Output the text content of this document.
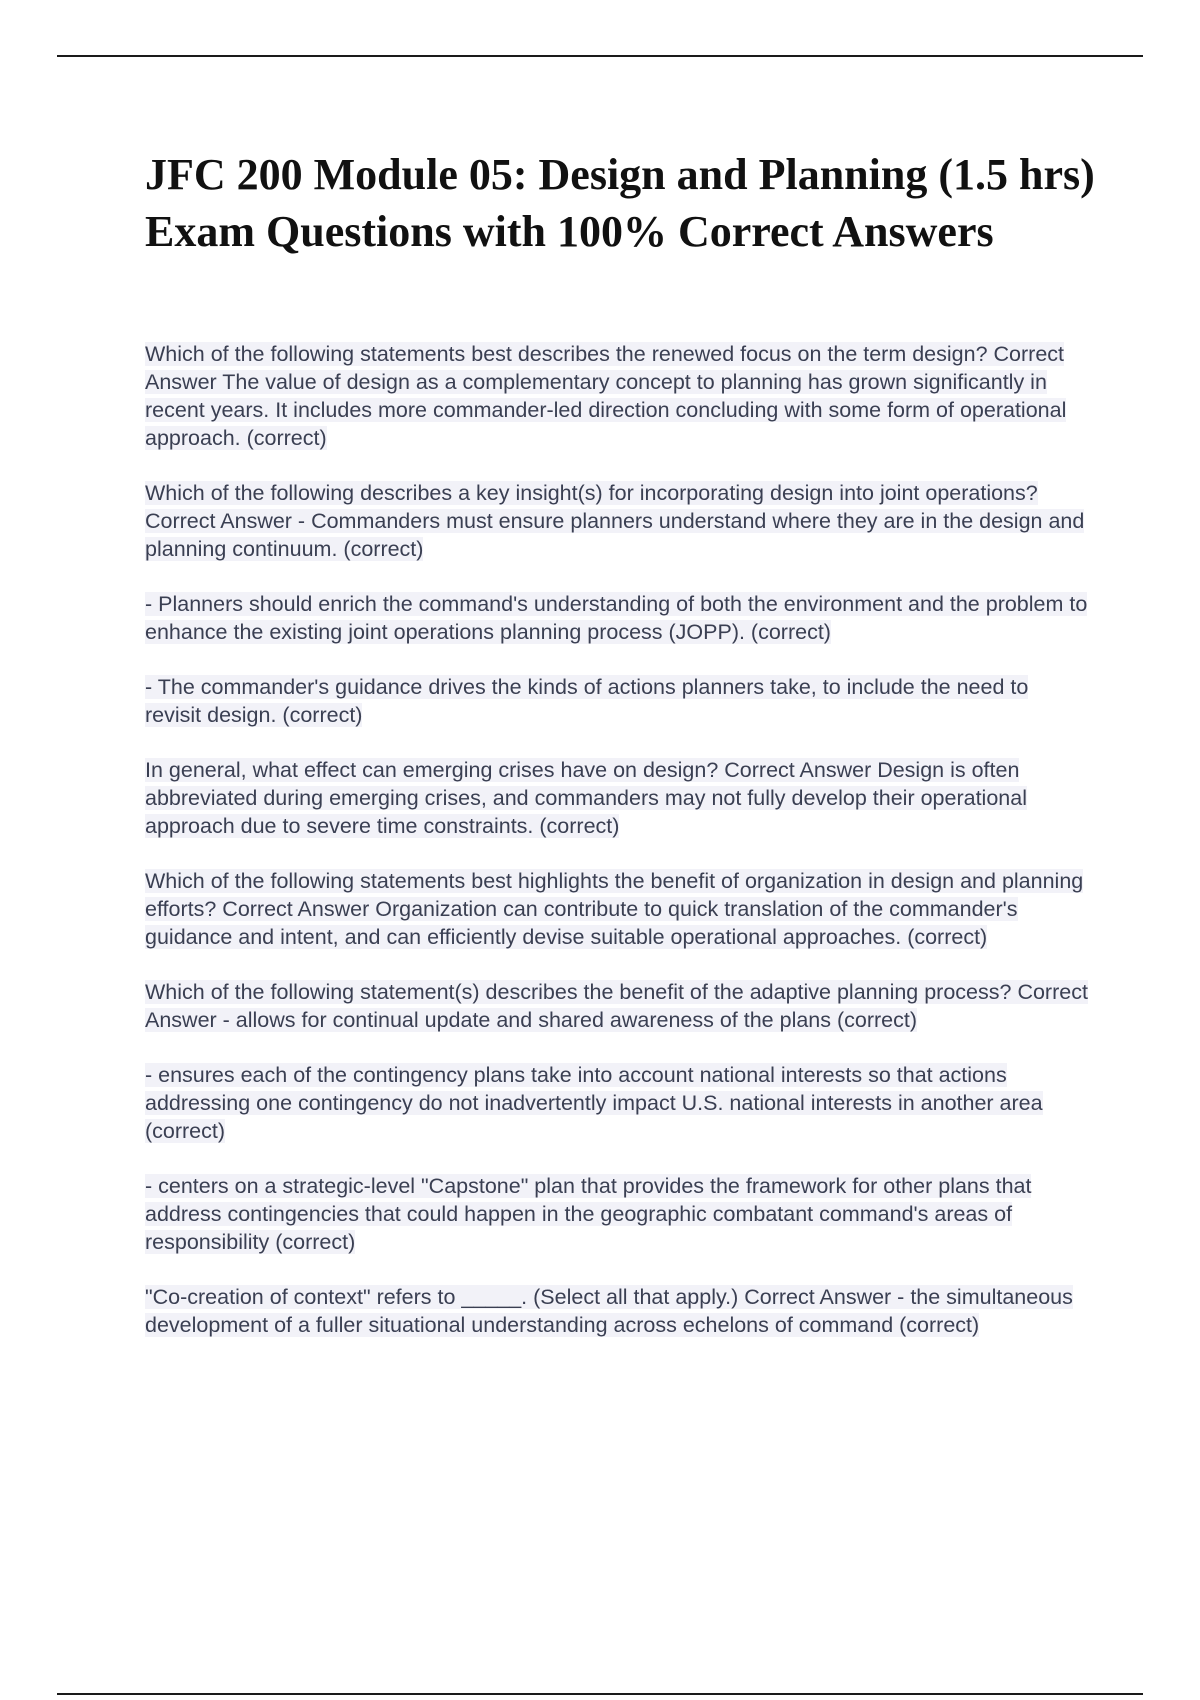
JFC 200 Module 05: Design and Planning (1.5 hrs) Exam Questions with 100% Correct Answers

Which of the following statements best describes the renewed focus on the term design? Correct Answer The value of design as a complementary concept to planning has grown significantly in recent years. It includes more commander-led direction concluding with some form of operational approach. (correct)

Which of the following describes a key insight(s) for incorporating design into joint operations? Correct Answer - Commanders must ensure planners understand where they are in the design and planning continuum. (correct)

- Planners should enrich the command's understanding of both the environment and the problem to enhance the existing joint operations planning process (JOPP). (correct)

- The commander's guidance drives the kinds of actions planners take, to include the need to revisit design. (correct)

In general, what effect can emerging crises have on design? Correct Answer Design is often abbreviated during emerging crises, and commanders may not fully develop their operational approach due to severe time constraints. (correct)

Which of the following statements best highlights the benefit of organization in design and planning efforts? Correct Answer Organization can contribute to quick translation of the commander's guidance and intent, and can efficiently devise suitable operational approaches. (correct)

Which of the following statement(s) describes the benefit of the adaptive planning process? Correct Answer - allows for continual update and shared awareness of the plans (correct)

- ensures each of the contingency plans take into account national interests so that actions addressing one contingency do not inadvertently impact U.S. national interests in another area (correct)

- centers on a strategic-level "Capstone" plan that provides the framework for other plans that address contingencies that could happen in the geographic combatant command's areas of responsibility (correct)

"Co-creation of context" refers to _____. (Select all that apply.) Correct Answer - the simultaneous development of a fuller situational understanding across echelons of command (correct)
